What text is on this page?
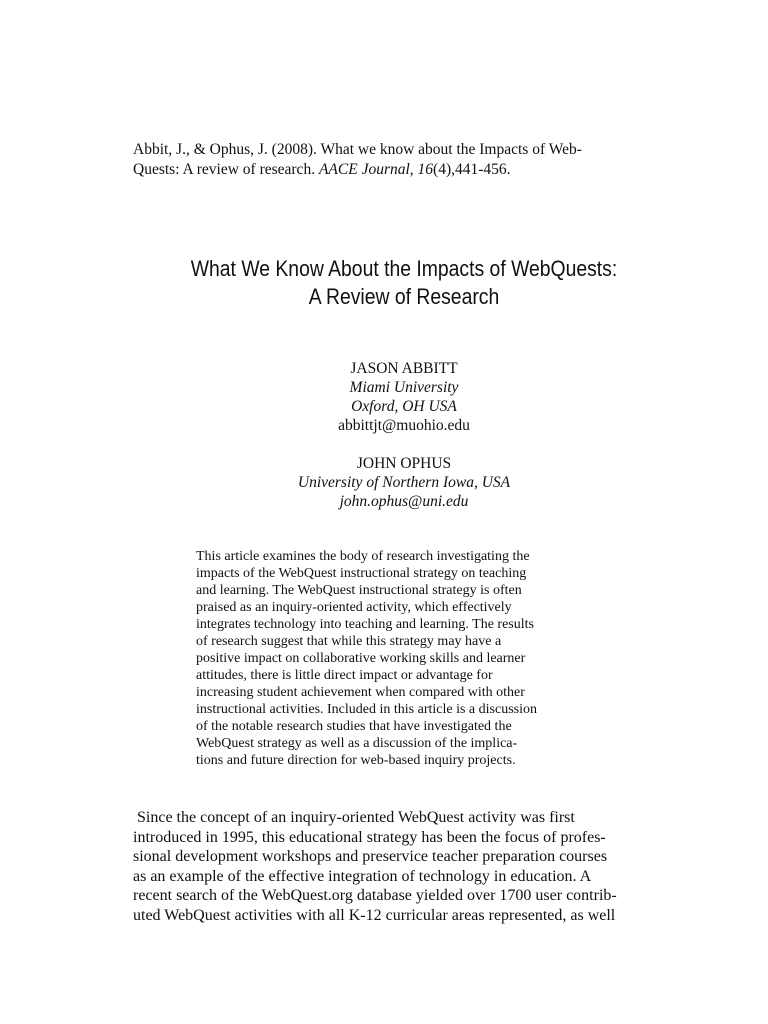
Abbit, J., & Ophus, J. (2008). What we know about the Impacts of Web-
Quests: A review of research. AACE Journal, 16(4),441-456.
What We Know About the Impacts of WebQuests:
A Review of Research
JASON ABBITT
Miami University
Oxford, OH USA
abbittjt@muohio.edu
JOHN OPHUS
University of Northern Iowa, USA
john.ophus@uni.edu
This article examines the body of research investigating the
impacts of the WebQuest instructional strategy on teaching
and learning. The WebQuest instructional strategy is often
praised as an inquiry-oriented activity, which effectively
integrates technology into teaching and learning. The results
of research suggest that while this strategy may have a
positive impact on collaborative working skills and learner
attitudes, there is little direct impact or advantage for
increasing student achievement when compared with other
instructional activities. Included in this article is a discussion
of the notable research studies that have investigated the
WebQuest strategy as well as a discussion of the implica-
tions and future direction for web-based inquiry projects.
Since the concept of an inquiry-oriented WebQuest activity was first
introduced in 1995, this educational strategy has been the focus of profes-
sional development workshops and preservice teacher preparation courses
as an example of the effective integration of technology in education. A
recent search of the WebQuest.org database yielded over 1700 user contrib-
uted WebQuest activities with all K-12 curricular areas represented, as well
